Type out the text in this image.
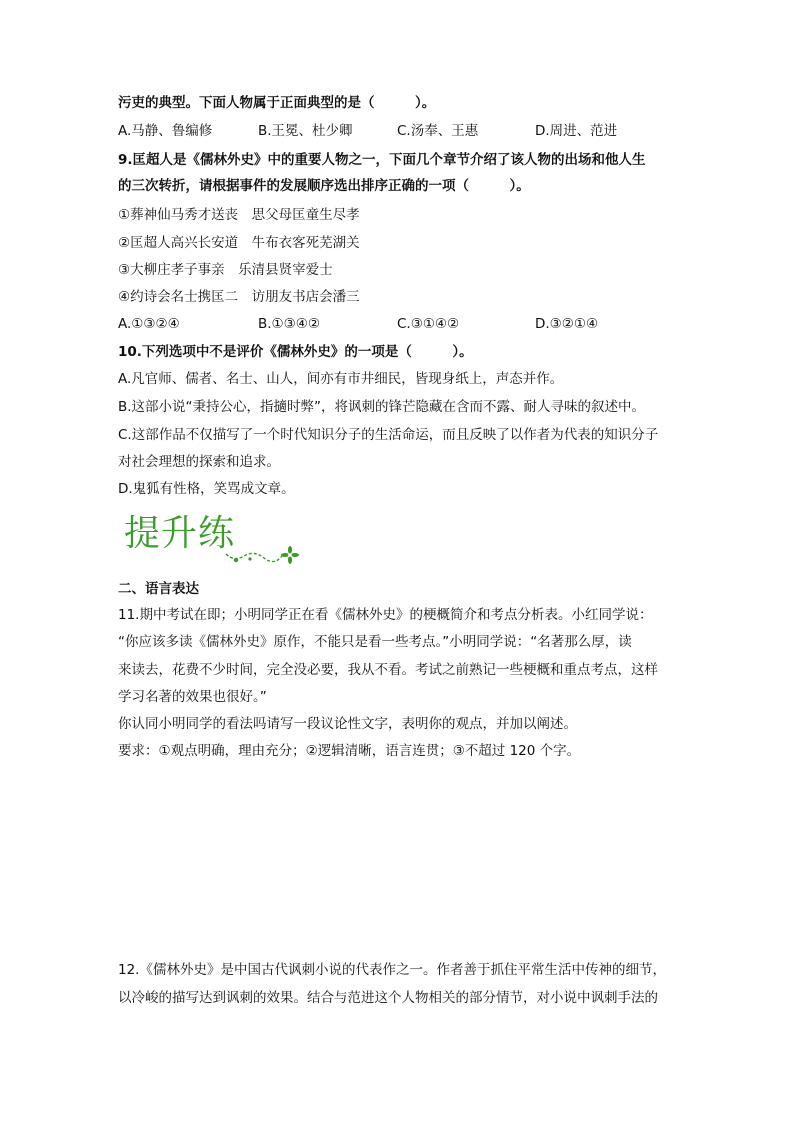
污吏的典型。下面人物属于正面典型的是（　　　）。
A.马静、鲁编修	B.王冕、杜少卿	C.汤奉、王惠	D.周进、范进
9.匡超人是《儒林外史》中的重要人物之一，下面几个章节介绍了该人物的出场和他人生
的三次转折，请根据事件的发展顺序选出排序正确的一项（　　　）。
①葬神仙马秀才送丧　思父母匡童生尽孝
②匡超人高兴长安道　牛布衣客死芜湖关
③大柳庄孝子事亲　乐清县贤宰爱士
④约诗会名士携匡二　访朋友书店会潘三
A.①③②④	B.①③④②	C.③①④②	D.③②①④
10.下列选项中不是评价《儒林外史》的一项是（　　　）。
A.凡官师、儒者、名士、山人，间亦有市井细民，皆现身纸上，声态并作。
B.这部小说“秉持公心，指擿时弊”，将讽刺的锋芒隐藏在含而不露、耐人寻味的叙述中。
C.这部作品不仅描写了一个时代知识分子的生活命运，而且反映了以作者为代表的知识分子
对社会理想的探索和追求。
D.鬼狐有性格，笑骂成文章。
提升练
二、语言表达
11.期中考试在即；小明同学正在看《儒林外史》的梗概简介和考点分析表。小红同学说：
“你应该多读《儒林外史》原作，不能只是看一些考点。”小明同学说：“名著那么厚，读
来读去，花费不少时间，完全没必要，我从不看。考试之前熟记一些梗概和重点考点，这样
学习名著的效果也很好。”
你认同小明同学的看法吗请写一段议论性文字，表明你的观点，并加以阐述。
要求：①观点明确，理由充分；②逻辑清晰，语言连贯；③不超过 120 个字。
12.《儒林外史》是中国古代讽刺小说的代表作之一。作者善于抓住平常生活中传神的细节，
以冷峻的描写达到讽刺的效果。结合与范进这个人物相关的部分情节，对小说中讽刺手法的
